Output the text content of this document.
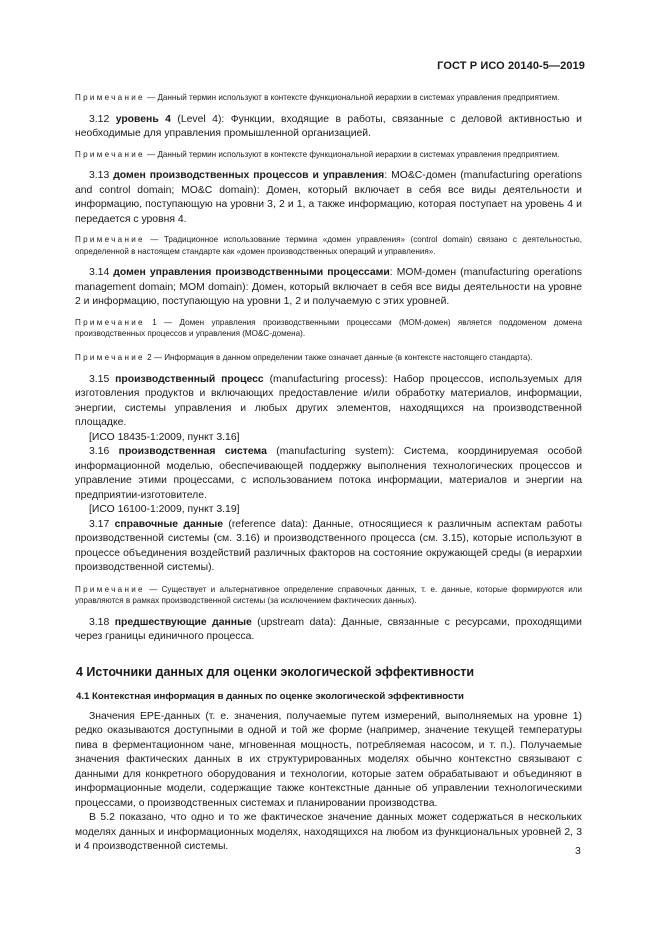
ГОСТ Р ИСО 20140-5—2019

Примечание — Данный термин используют в контексте функциональной иерархии в системах управления предприятием.

3.12 уровень 4 (Level 4): Функции, входящие в работы, связанные с деловой активностью и необходимые для управления промышленной организацией.

Примечание — Данный термин используют в контексте функциональной иерархии в системах управления предприятием.

3.13 домен производственных процессов и управления: MO&C-домен (manufacturing operations and control domain; MO&C domain): Домен, который включает в себя все виды деятельности и информацию, поступающую на уровни 3, 2 и 1, а также информацию, которая поступает на уровень 4 и передается с уровня 4.

Примечание — Традиционное использование термина «домен управления» (control domain) связано с деятельностью, определенной в настоящем стандарте как «домен производственных операций и управления».

3.14 домен управления производственными процессами: MOM-домен (manufacturing operations management domain; MOM domain): Домен, который включает в себя все виды деятельности на уровне 2 и информацию, поступающую на уровни 1, 2 и получаемую с этих уровней.

Примечание 1 — Домен управления производственными процессами (MOM-домен) является поддоменом домена производственных процессов и управления (MO&C-домена).

Примечание 2 — Информация в данном определении также означает данные (в контексте настоящего стандарта).

3.15 производственный процесс (manufacturing process): Набор процессов, используемых для изготовления продуктов и включающих предоставление и/или обработку материалов, информации, энергии, системы управления и любых других элементов, находящихся на производственной площадке.

[ИСО 18435-1:2009, пункт 3.16]

3.16 производственная система (manufacturing system): Система, координируемая особой информационной моделью, обеспечивающей поддержку выполнения технологических процессов и управление этими процессами, с использованием потока информации, материалов и энергии на предприятии-изготовителе.

[ИСО 16100-1:2009, пункт 3.19]

3.17 справочные данные (reference data): Данные, относящиеся к различным аспектам работы производственной системы (см. 3.16) и производственного процесса (см. 3.15), которые используют в процессе объединения воздействий различных факторов на состояние окружающей среды (в иерархии производственной системы).

Примечание — Существует и альтернативное определение справочных данных, т. е. данные, которые формируются или управляются в рамках производственной системы (за исключением фактических данных).

3.18 предшествующие данные (upstream data): Данные, связанные с ресурсами, проходящими через границы единичного процесса.

4 Источники данных для оценки экологической эффективности

4.1 Контекстная информация в данных по оценке экологической эффективности

Значения EPE-данных (т. е. значения, получаемые путем измерений, выполняемых на уровне 1) редко оказываются доступными в одной и той же форме (например, значение текущей температуры пива в ферментационном чане, мгновенная мощность, потребляемая насосом, и т. п.). Получаемые значения фактических данных в их структурированных моделях обычно контекстно связывают с данными для конкретного оборудования и технологии, которые затем обрабатывают и объединяют в информационные модели, содержащие также контекстные данные об управлении технологическими процессами, о производственных системах и планировании производства.

В 5.2 показано, что одно и то же фактическое значение данных может содержаться в нескольких моделях данных и информационных моделях, находящихся на любом из функциональных уровней 2, 3 и 4 производственной системы.	3
